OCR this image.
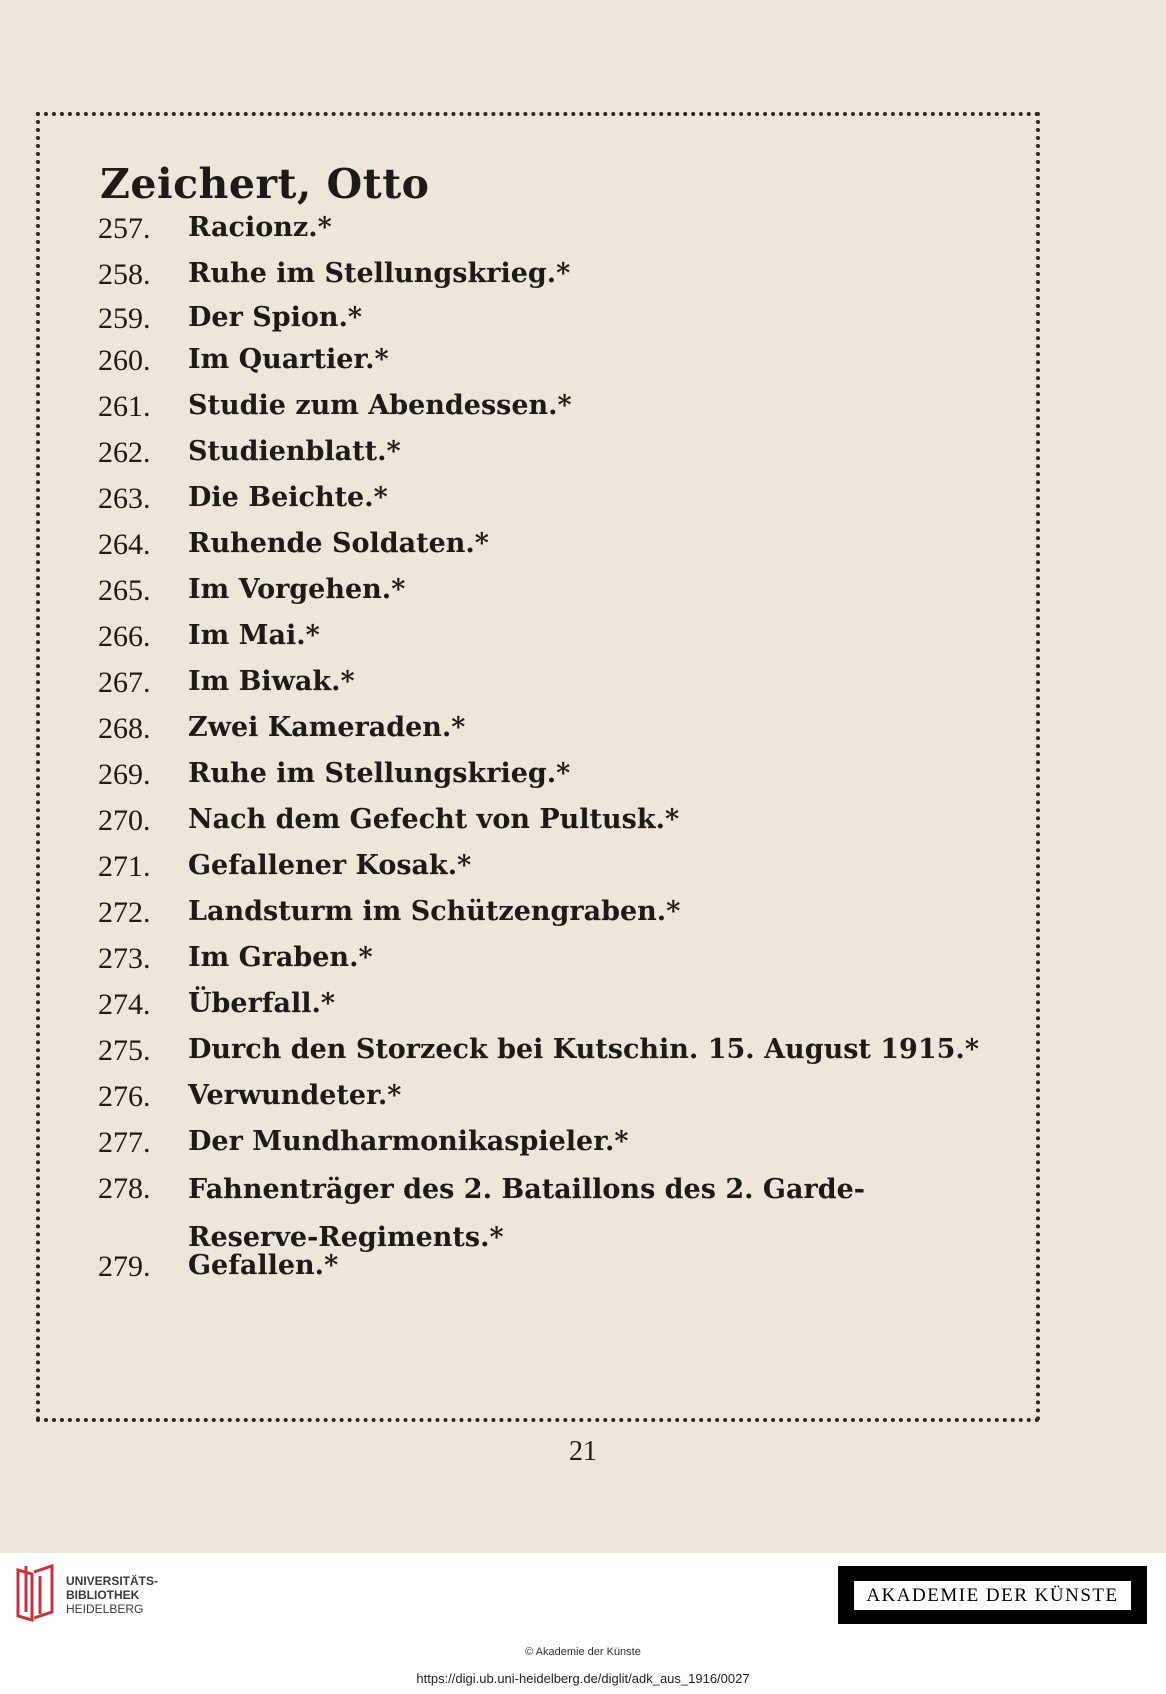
Zeichert, Otto
257. Racionz.*
258. Ruhe im Stellungskrieg.*
259. Der Spion.*
260. Im Quartier.*
261. Studie zum Abendessen.*
262. Studienblatt.*
263. Die Beichte.*
264. Ruhende Soldaten.*
265. Im Vorgehen.*
266. Im Mai.*
267. Im Biwak.*
268. Zwei Kameraden.*
269. Ruhe im Stellungskrieg.*
270. Nach dem Gefecht von Pultusk.*
271. Gefallener Kosak.*
272. Landsturm im Schützengraben.*
273. Im Graben.*
274. Überfall.*
275. Durch den Storzeck bei Kutschin. 15. August 1915.*
276. Verwundeter.*
277. Der Mundharmonikaspieler.*
278. Fahnenträger des 2. Bataillons des 2. Garde-Reserve-Regiments.*
279. Gefallen.*
21
UNIVERSITÄTS-
BIBLIOTHEK
HEIDELBERG
AKADEMIE DER KÜNSTE
© Akademie der Künste
https://digi.ub.uni-heidelberg.de/diglit/adk_aus_1916/0027
